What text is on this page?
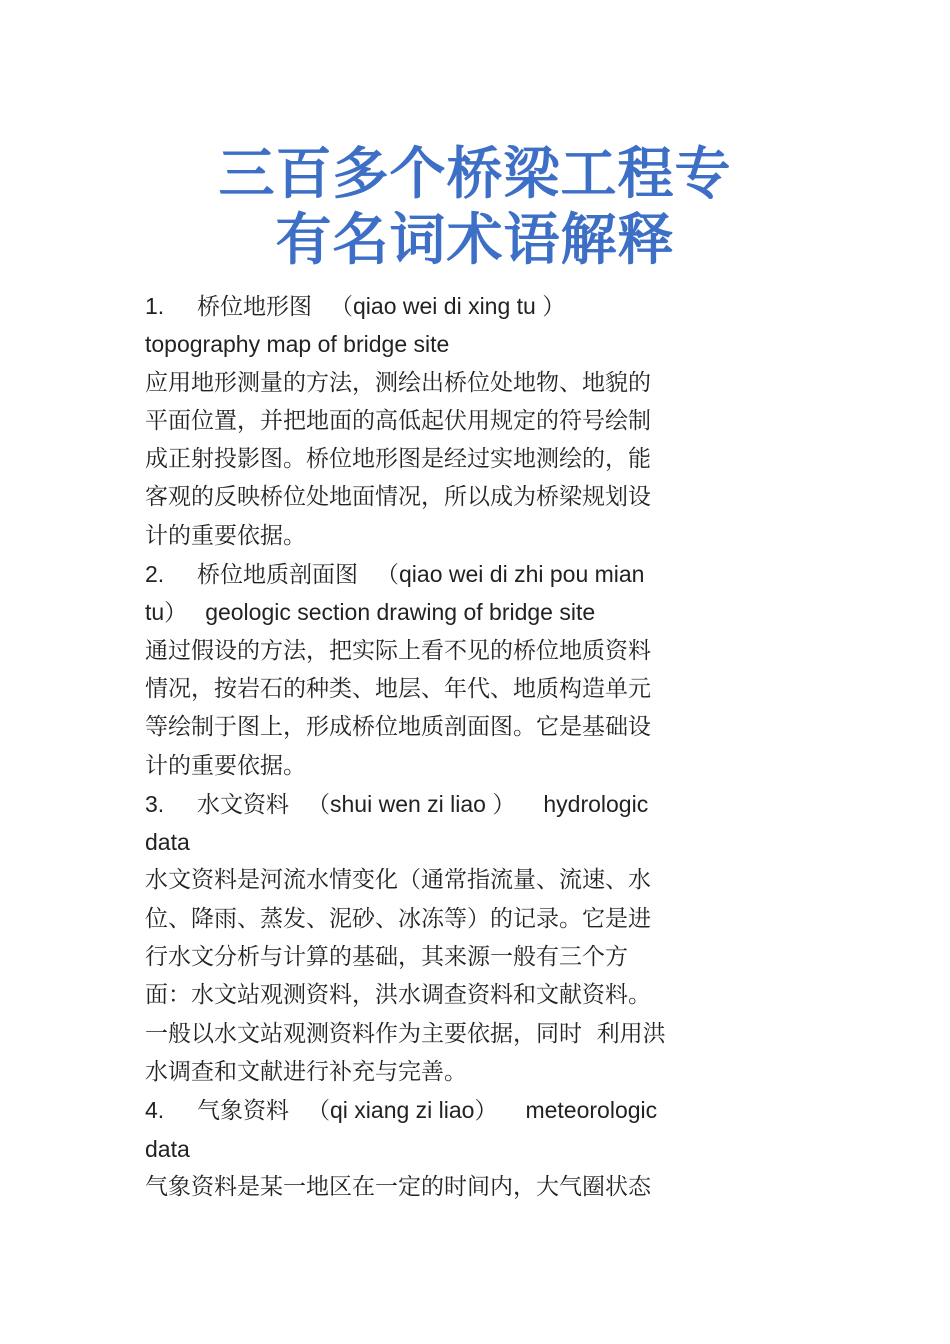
三百多个桥梁工程专
有名词术语解释
1. 桥位地形图 （qiao wei di xing tu ）
topography map of bridge site
应用地形测量的方法，测绘出桥位处地物、地貌的
平面位置，并把地面的高低起伏用规定的符号绘制
成正射投影图。桥位地形图是经过实地测绘的，能
客观的反映桥位处地面情况，所以成为桥梁规划设
计的重要依据。
2. 桥位地质剖面图 （qiao wei di zhi pou mian
tu） geologic section drawing of bridge site
通过假设的方法，把实际上看不见的桥位地质资料
情况，按岩石的种类、地层、年代、地质构造单元
等绘制于图上，形成桥位地质剖面图。它是基础设
计的重要依据。
3. 水文资料 （shui wen zi liao ） hydrologic
data
水文资料是河流水情变化（通常指流量、流速、水
位、降雨、蒸发、泥砂、冰冻等）的记录。它是进
行水文分析与计算的基础，其来源一般有三个方
面：水文站观测资料，洪水调查资料和文献资料。
一般以水文站观测资料作为主要依据，同时  利用洪
水调查和文献进行补充与完善。
4. 气象资料 （qi xiang zi liao） meteorologic
data
气象资料是某一地区在一定的时间内，大气圈状态
